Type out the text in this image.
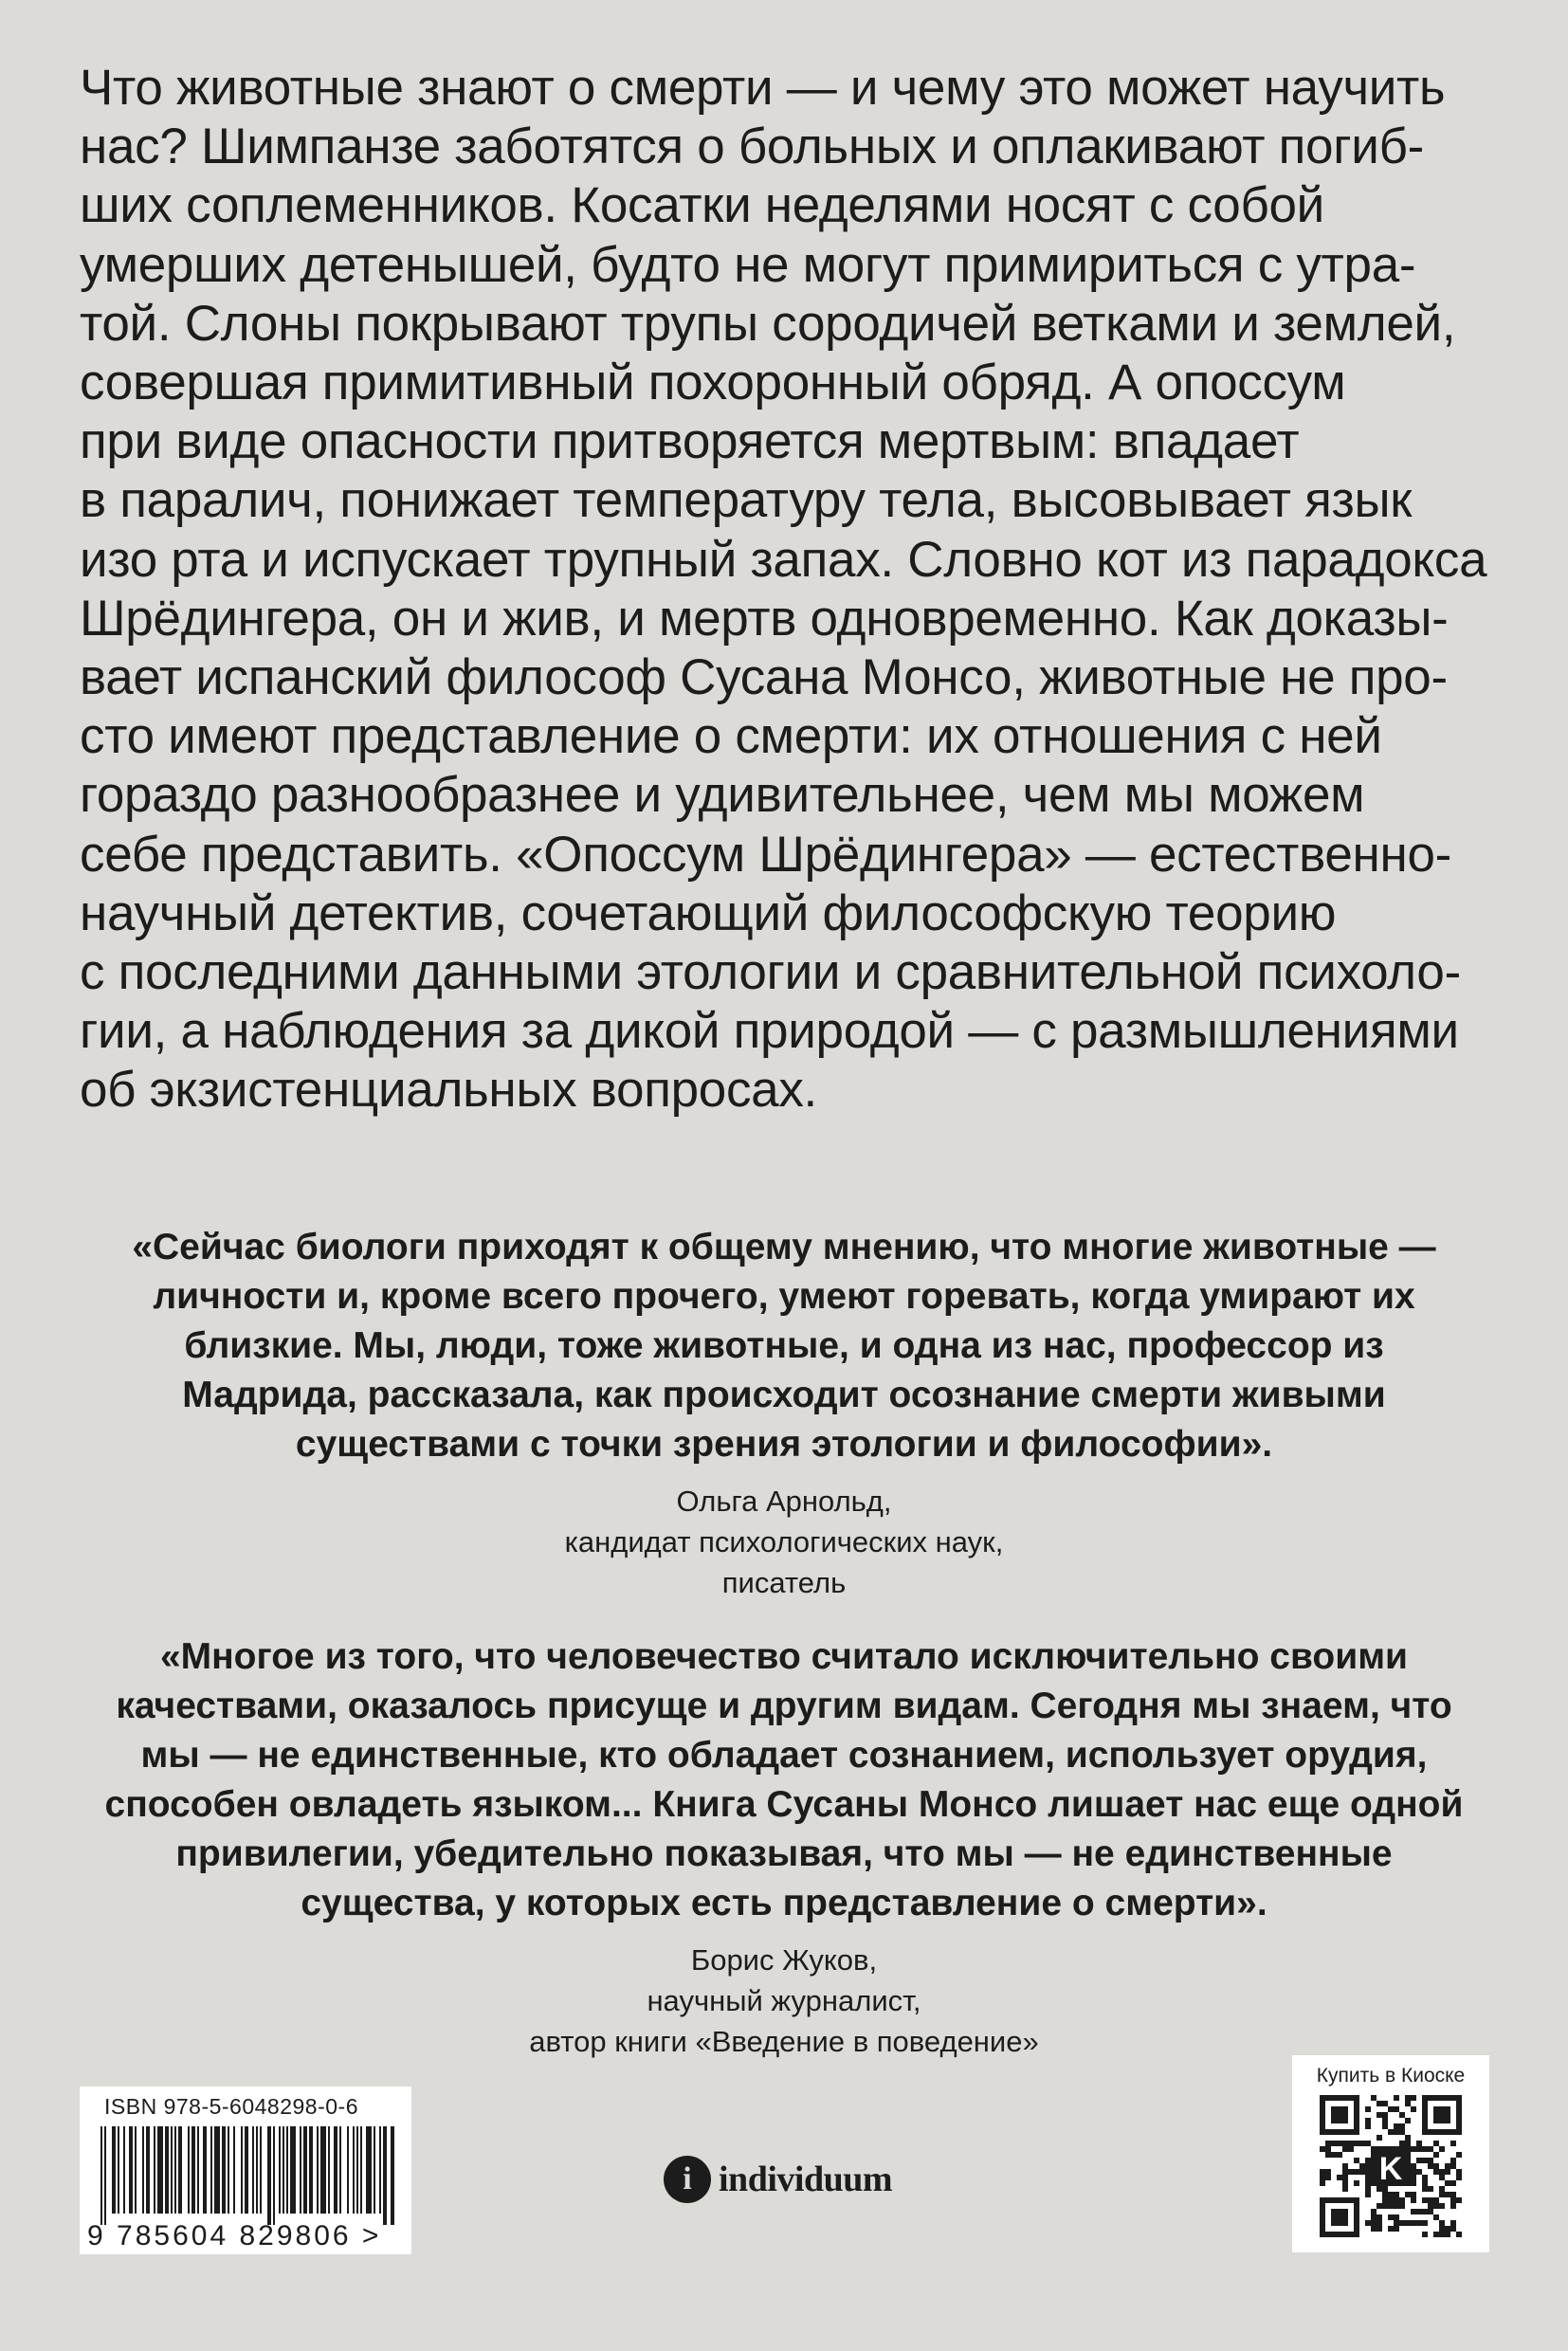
Что животные знают о смерти — и чему это может научить
нас? Шимпанзе заботятся о больных и оплакивают погиб-
ших соплеменников. Косатки неделями носят с собой
умерших детенышей, будто не могут примириться с утра-
той. Слоны покрывают трупы сородичей ветками и землей,
совершая примитивный похоронный обряд. А опоссум
при виде опасности притворяется мертвым: впадает
в паралич, понижает температуру тела, высовывает язык
изо рта и испускает трупный запах. Словно кот из парадокса
Шрёдингера, он и жив, и мертв одновременно. Как доказы-
вает испанский философ Сусана Монсо, животные не про-
сто имеют представление о смерти: их отношения с ней
гораздо разнообразнее и удивительнее, чем мы можем
себе представить. «Опоссум Шрёдингера» — естественно-
научный детектив, сочетающий философскую теорию
с последними данными этологии и сравнительной психоло-
гии, а наблюдения за дикой природой — с размышлениями
об экзистенциальных вопросах.
«Сейчас биологи приходят к общему мнению, что многие животные —
личности и, кроме всего прочего, умеют горевать, когда умирают их
близкие. Мы, люди, тоже животные, и одна из нас, профессор из
Мадрида, рассказала, как происходит осознание смерти живыми
существами с точки зрения этологии и философии».
Ольга Арнольд,
кандидат психологических наук,
писатель
«Многое из того, что человечество считало исключительно своими
качествами, оказалось присуще и другим видам. Сегодня мы знаем, что
мы — не единственные, кто обладает сознанием, использует орудия,
способен овладеть языком... Книга Сусаны Монсо лишает нас еще одной
привилегии, убедительно показывая, что мы — не единственные
существа, у которых есть представление о смерти».
Борис Жуков,
научный журналист,
автор книги «Введение в поведение»
ISBN 978-5-6048298-0-6
9 785604 829806 >
i individuum
Купить в Киоске
K
